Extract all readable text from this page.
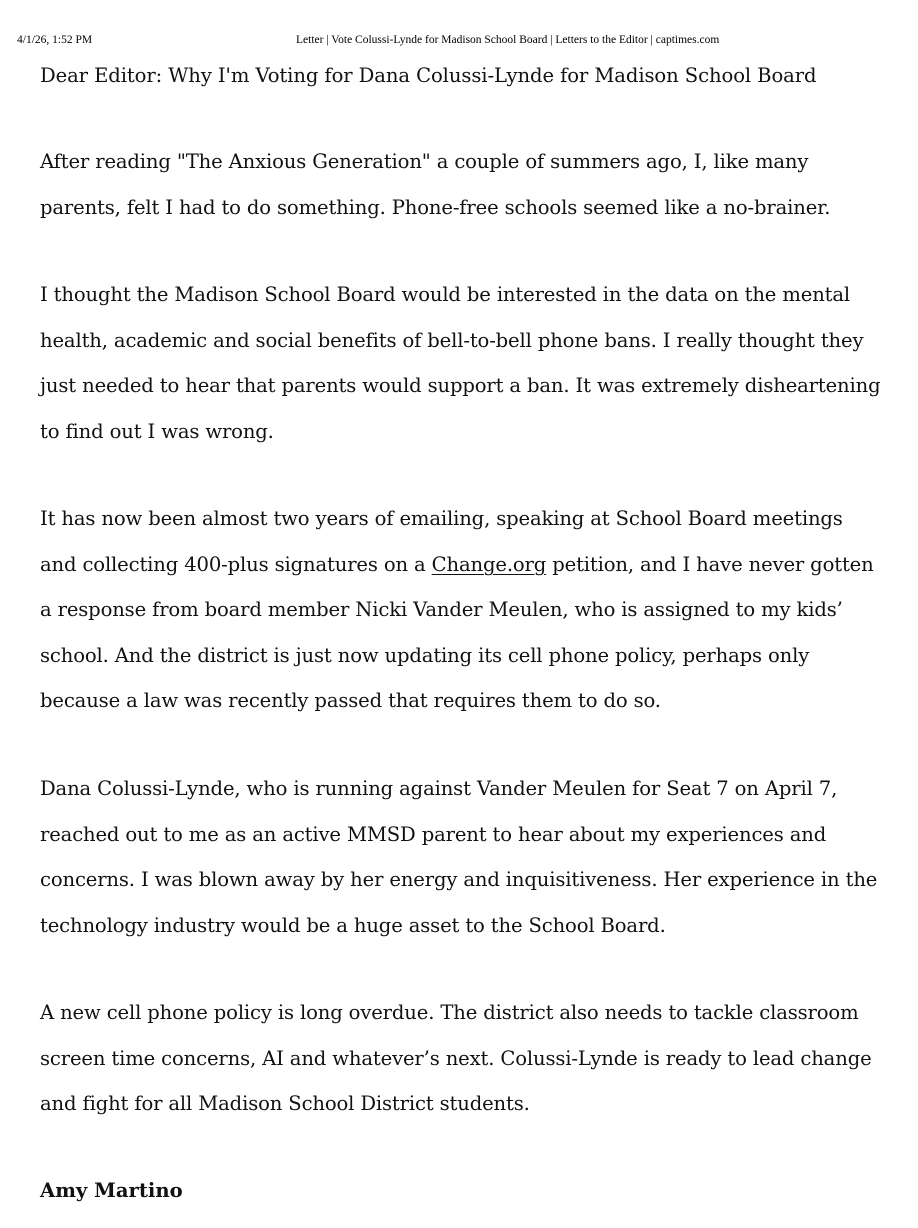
4/1/26, 1:52 PM	Letter | Vote Colussi-Lynde for Madison School Board | Letters to the Editor | captimes.com
Dear Editor: Why I'm Voting for Dana Colussi-Lynde for Madison School Board

After reading "The Anxious Generation" a couple of summers ago, I, like many
parents, felt I had to do something. Phone-free schools seemed like a no-brainer.

I thought the Madison School Board would be interested in the data on the mental
health, academic and social benefits of bell-to-bell phone bans. I really thought they
just needed to hear that parents would support a ban. It was extremely disheartening
to find out I was wrong.

It has now been almost two years of emailing, speaking at School Board meetings
and collecting 400-plus signatures on a Change.org petition, and I have never gotten
a response from board member Nicki Vander Meulen, who is assigned to my kids’
school. And the district is just now updating its cell phone policy, perhaps only
because a law was recently passed that requires them to do so.

Dana Colussi-Lynde, who is running against Vander Meulen for Seat 7 on April 7,
reached out to me as an active MMSD parent to hear about my experiences and
concerns. I was blown away by her energy and inquisitiveness. Her experience in the
technology industry would be a huge asset to the School Board.

A new cell phone policy is long overdue. The district also needs to tackle classroom
screen time concerns, AI and whatever’s next. Colussi-Lynde is ready to lead change
and fight for all Madison School District students.

Amy Martino
